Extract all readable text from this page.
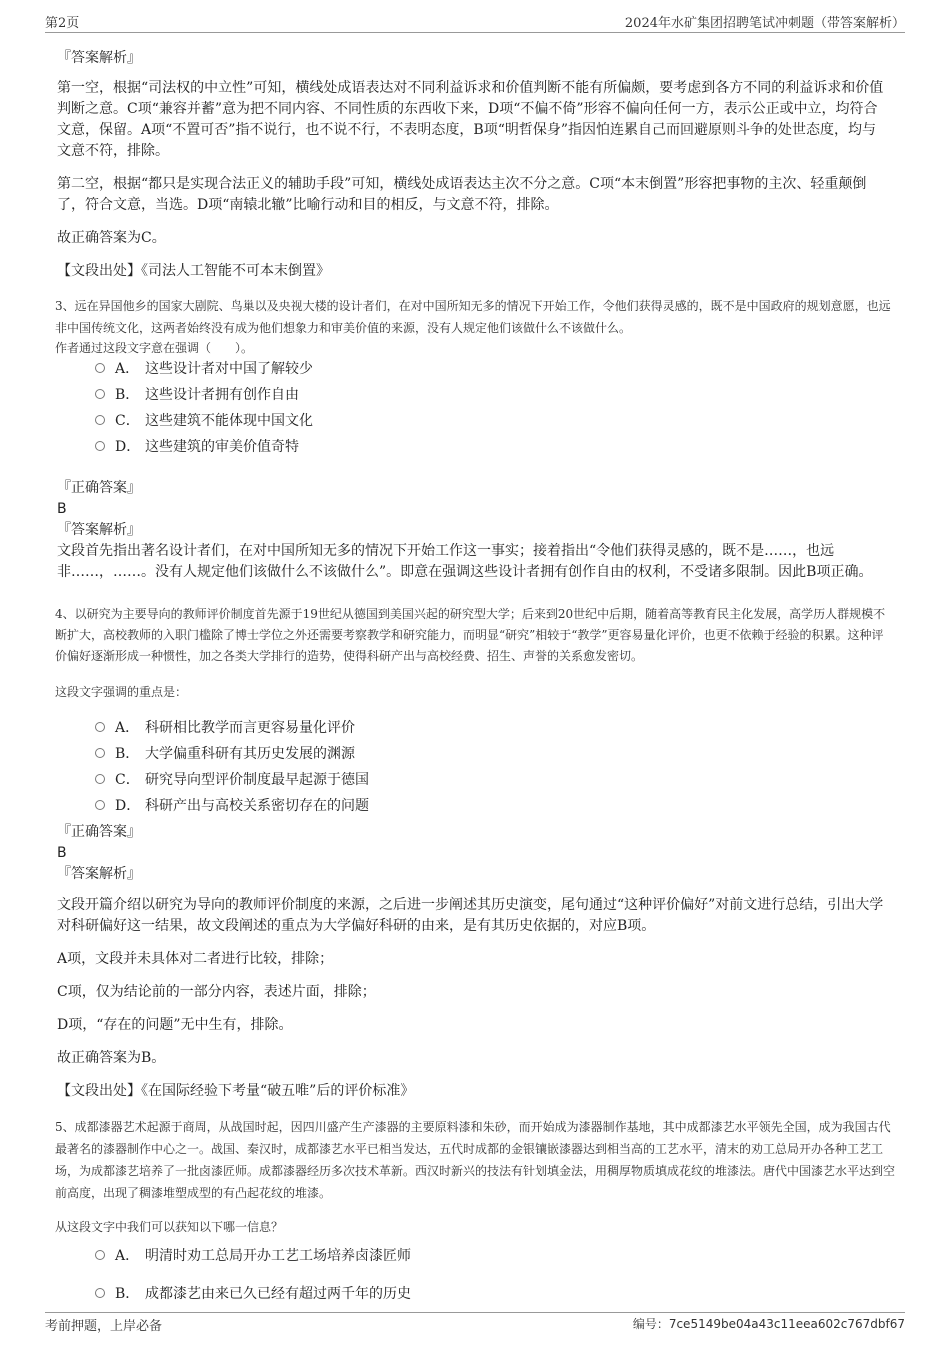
第2页	2024年水矿集团招聘笔试冲刺题（带答案解析）

『答案解析』

第一空，根据“司法权的中立性”可知，横线处成语表达对不同利益诉求和价值判断不能有所偏颇，要考虑到各方不同的利益诉求和价值判断之意。C项“兼容并蓄”意为把不同内容、不同性质的东西收下来，D项“不偏不倚”形容不偏向任何一方，表示公正或中立，均符合文意，保留。A项“不置可否”指不说行，也不说不行，不表明态度，B项“明哲保身”指因怕连累自己而回避原则斗争的处世态度，均与文意不符，排除。

第二空，根据“都只是实现合法正义的辅助手段”可知，横线处成语表达主次不分之意。C项“本末倒置”形容把事物的主次、轻重颠倒了，符合文意，当选。D项“南辕北辙”比喻行动和目的相反，与文意不符，排除。

故正确答案为C。

【文段出处】《司法人工智能不可本末倒置》

3、远在异国他乡的国家大剧院、鸟巢以及央视大楼的设计者们，在对中国所知无多的情况下开始工作，令他们获得灵感的，既不是中国政府的规划意愿，也远非中国传统文化，这两者始终没有成为他们想象力和审美价值的来源，没有人规定他们该做什么不该做什么。

作者通过这段文字意在强调（　　）。

A． 这些设计者对中国了解较少
B． 这些设计者拥有创作自由
C． 这些建筑不能体现中国文化
D． 这些建筑的审美价值奇特

『正确答案』

B

『答案解析』

文段首先指出著名设计者们，在对中国所知无多的情况下开始工作这一事实；接着指出“令他们获得灵感的，既不是……，也远非……，……。没有人规定他们该做什么不该做什么”。即意在强调这些设计者拥有创作自由的权利，不受诸多限制。因此B项正确。

4、以研究为主要导向的教师评价制度首先源于19世纪从德国到美国兴起的研究型大学；后来到20世纪中后期，随着高等教育民主化发展，高学历人群规模不断扩大，高校教师的入职门槛除了博士学位之外还需要考察教学和研究能力，而明显“研究”相较于“教学”更容易量化评价，也更不依赖于经验的积累。这种评价偏好逐渐形成一种惯性，加之各类大学排行的造势，使得科研产出与高校经费、招生、声誉的关系愈发密切。

这段文字强调的重点是：

A． 科研相比教学而言更容易量化评价
B． 大学偏重科研有其历史发展的渊源
C． 研究导向型评价制度最早起源于德国
D． 科研产出与高校关系密切存在的问题

『正确答案』

B

『答案解析』

文段开篇介绍以研究为导向的教师评价制度的来源，之后进一步阐述其历史演变，尾句通过“这种评价偏好”对前文进行总结，引出大学对科研偏好这一结果，故文段阐述的重点为大学偏好科研的由来，是有其历史依据的，对应B项。

A项，文段并未具体对二者进行比较，排除；

C项，仅为结论前的一部分内容，表述片面，排除；

D项，“存在的问题”无中生有，排除。

故正确答案为B。

【文段出处】《在国际经验下考量“破五唯”后的评价标准》

5、成都漆器艺术起源于商周，从战国时起，因四川盛产生产漆器的主要原料漆和朱砂，而开始成为漆器制作基地，其中成都漆艺水平领先全国，成为我国古代最著名的漆器制作中心之一。战国、秦汉时，成都漆艺水平已相当发达，五代时成都的金银镶嵌漆器达到相当高的工艺水平，清末的劝工总局开办各种工艺工场，为成都漆艺培养了一批卤漆匠师。成都漆器经历多次技术革新。西汉时新兴的技法有针划填金法，用稠厚物质填成花纹的堆漆法。唐代中国漆艺水平达到空前高度，出现了稠漆堆塑成型的有凸起花纹的堆漆。

从这段文字中我们可以获知以下哪一信息？

A． 明清时劝工总局开办工艺工场培养卤漆匠师
B． 成都漆艺由来已久已经有超过两千年的历史
考前押题，上岸必备	编号：7ce5149be04a43c11eea602c767dbf67
